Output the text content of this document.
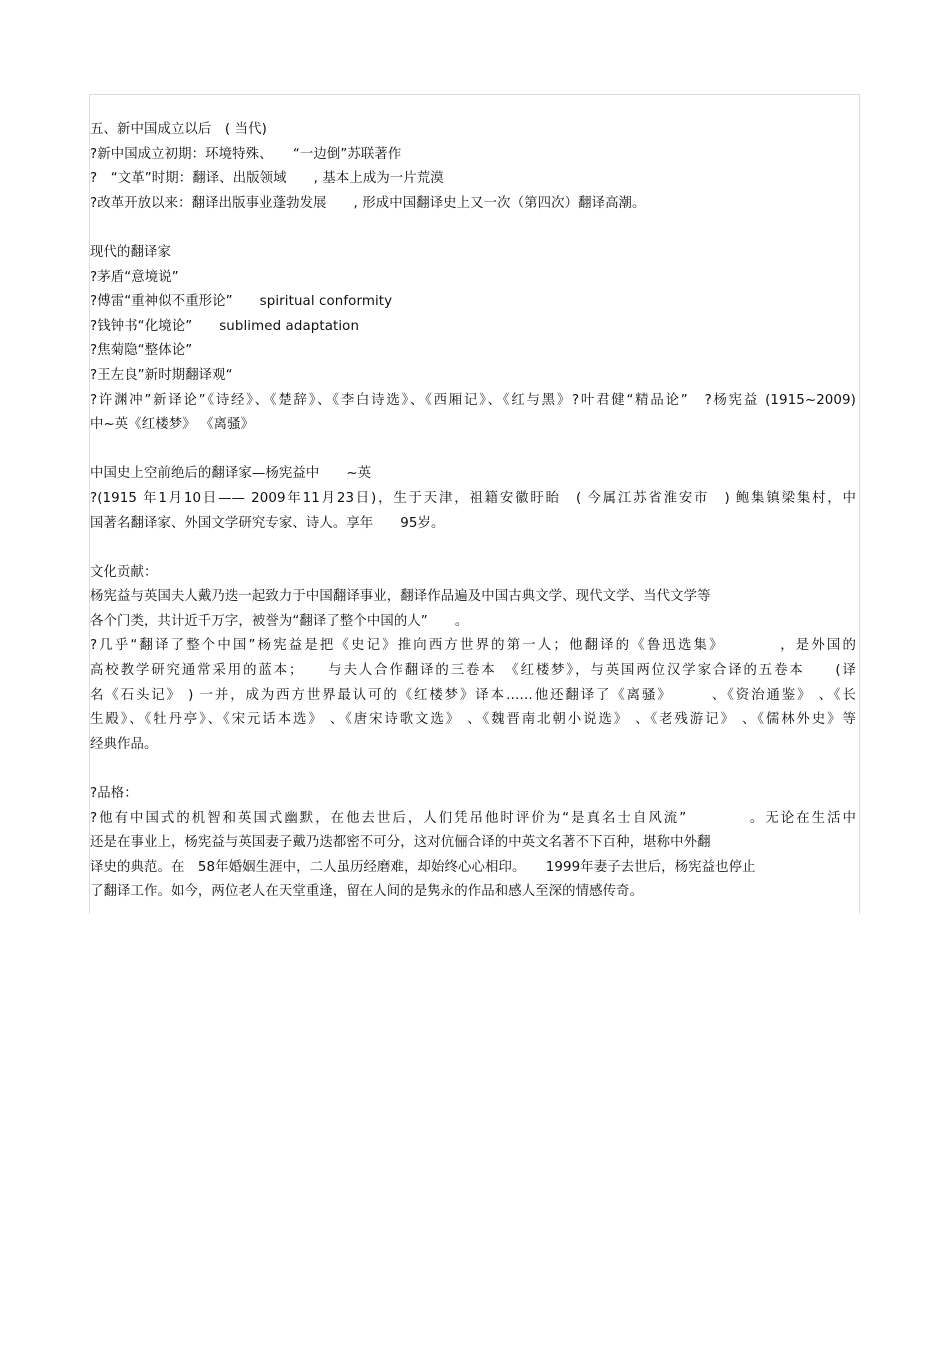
五、新中国成立以后　( 当代)
?新中国成立初期：环境特殊、　　“一边倒”苏联著作
?　“文革”时期：翻译、出版领域　　, 基本上成为一片荒漠
?改革开放以来：翻译出版事业蓬勃发展　　, 形成中国翻译史上又一次（第四次）翻译高潮。
现代的翻译家
?茅盾“意境说”
?傅雷“重神似不重形论”　　spiritual conformity
?钱钟书“化境论”　　sublimed adaptation
?焦菊隐“整体论”
?王左良”新时期翻译观“
?许渊冲”新译论”《诗经》、《楚辞》、《李白诗选》、《西厢记》、《红与黑》?叶君健“精品论”　?杨宪益 (1915~2009)
中~英《红楼梦》 《离骚》
中国史上空前绝后的翻译家—杨宪益中　　~英
?(1915 年1月10日—— 2009年11月23日)，生于天津，祖籍安徽盱眙　( 今属江苏省淮安市　) 鲍集镇梁集村，中
国著名翻译家、外国文学研究专家、诗人。享年　　95岁。
文化贡献：
杨宪益与英国夫人戴乃迭一起致力于中国翻译事业，翻译作品遍及中国古典文学、现代文学、当代文学等
各个门类，共计近千万字，被誉为“翻译了整个中国的人”　　。
?几乎“翻译了整个中国”杨宪益是把《史记》推向西方世界的第一人；他翻译的《鲁迅选集》　　　　，是外国的
高校教学研究通常采用的蓝本；　　与夫人合作翻译的三卷本　《红楼梦》，与英国两位汉学家合译的五卷本　　(译
名《石头记》 ) 一并，成为西方世界最认可的《红楼梦》译本……他还翻译了《离骚》　　　、《资治通鉴》 、《长
生殿》、《牡丹亭》、《宋元话本选》 、《唐宋诗歌文选》 、《魏晋南北朝小说选》 、《老残游记》 、《儒林外史》等
经典作品。
?品格：
?他有中国式的机智和英国式幽默，在他去世后，人们凭吊他时评价为“是真名士自风流”　　　　。无论在生活中
还是在事业上，杨宪益与英国妻子戴乃迭都密不可分，这对伉俪合译的中英文名著不下百种，堪称中外翻
译史的典范。在　58年婚姻生涯中，二人虽历经磨难，却始终心心相印。　　1999年妻子去世后，杨宪益也停止
了翻译工作。如今，两位老人在天堂重逢，留在人间的是隽永的作品和感人至深的情感传奇。
